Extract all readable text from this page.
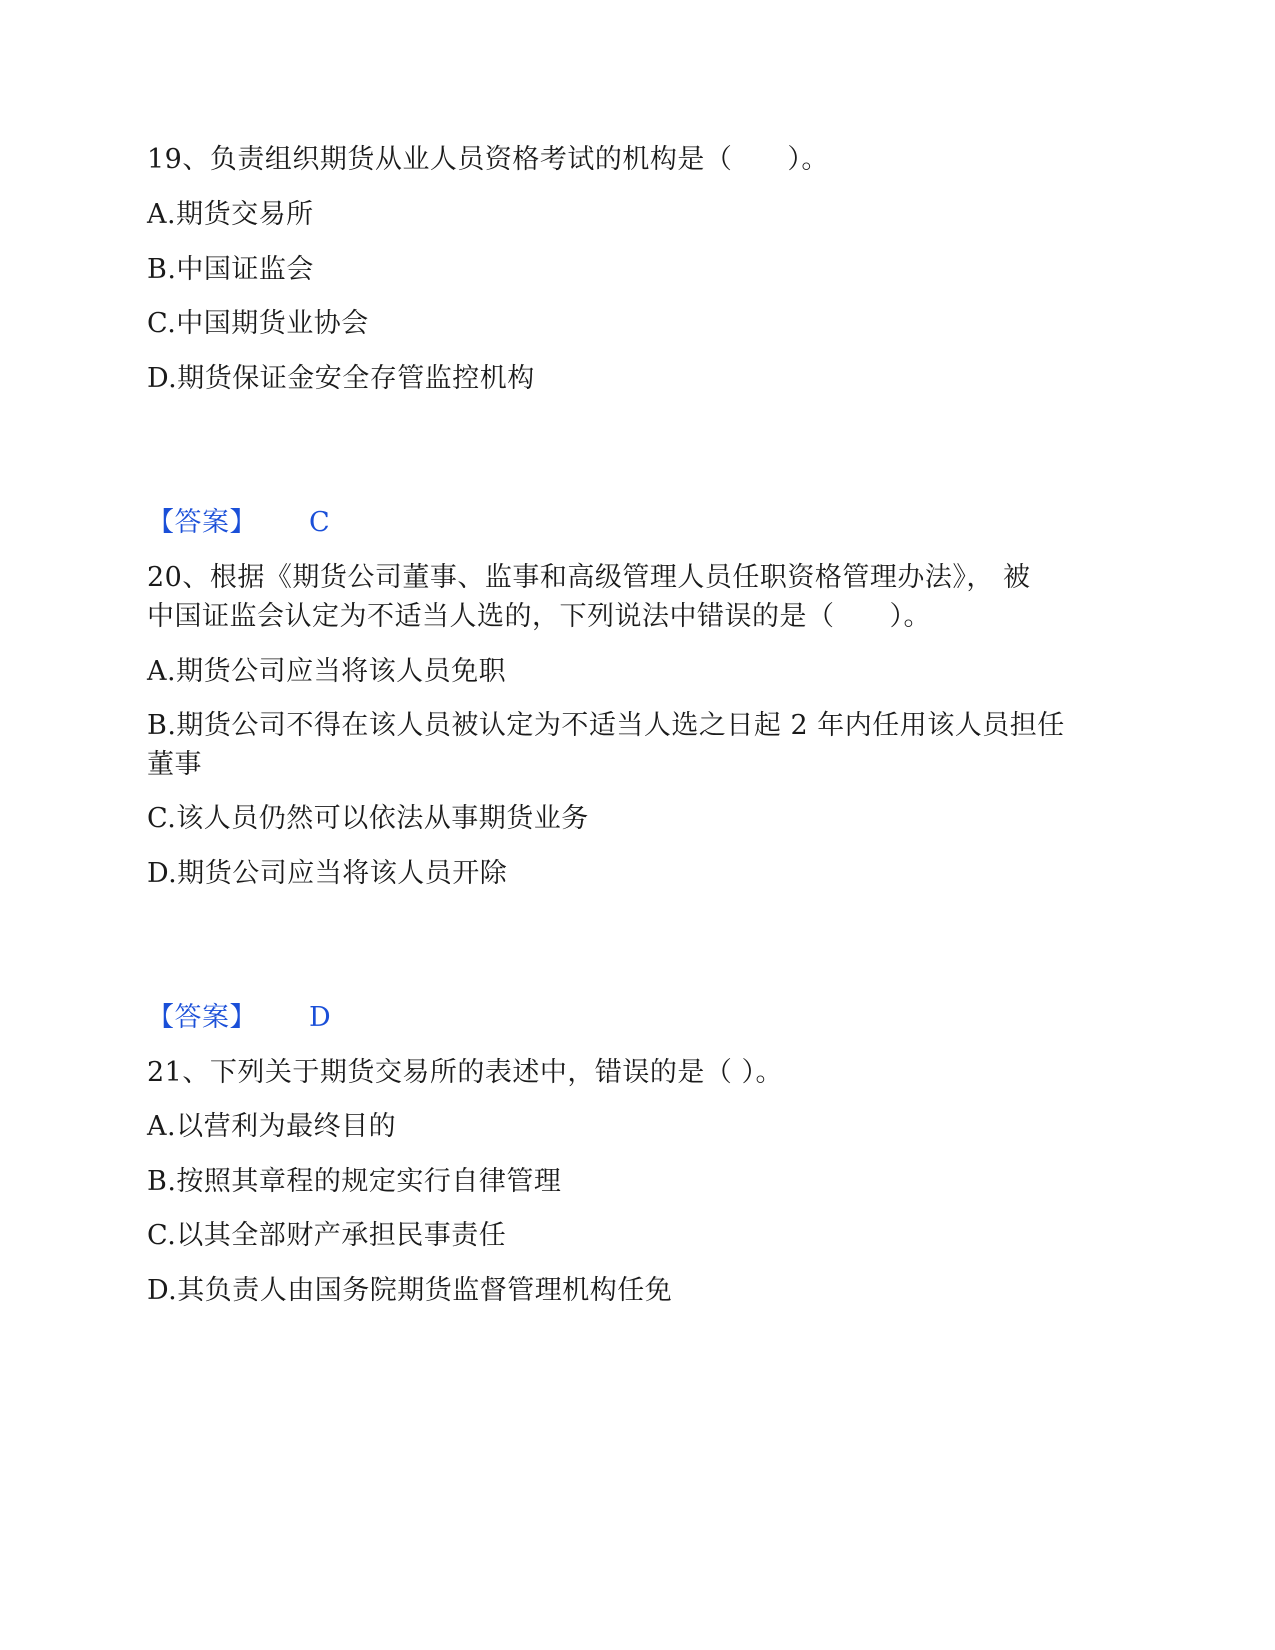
19、负责组织期货从业人员资格考试的机构是（　　）。
A.期货交易所
B.中国证监会
C.中国期货业协会
D.期货保证金安全存管监控机构
【答案】 C
20、根据《期货公司董事、监事和高级管理人员任职资格管理办法》， 被
中国证监会认定为不适当人选的，下列说法中错误的是（　　）。
A.期货公司应当将该人员免职
B.期货公司不得在该人员被认定为不适当人选之日起 2 年内任用该人员担任
董事
C.该人员仍然可以依法从事期货业务
D.期货公司应当将该人员开除
【答案】 D
21、下列关于期货交易所的表述中，错误的是（ ）。
A.以营利为最终目的
B.按照其章程的规定实行自律管理
C.以其全部财产承担民事责任
D.其负责人由国务院期货监督管理机构任免
